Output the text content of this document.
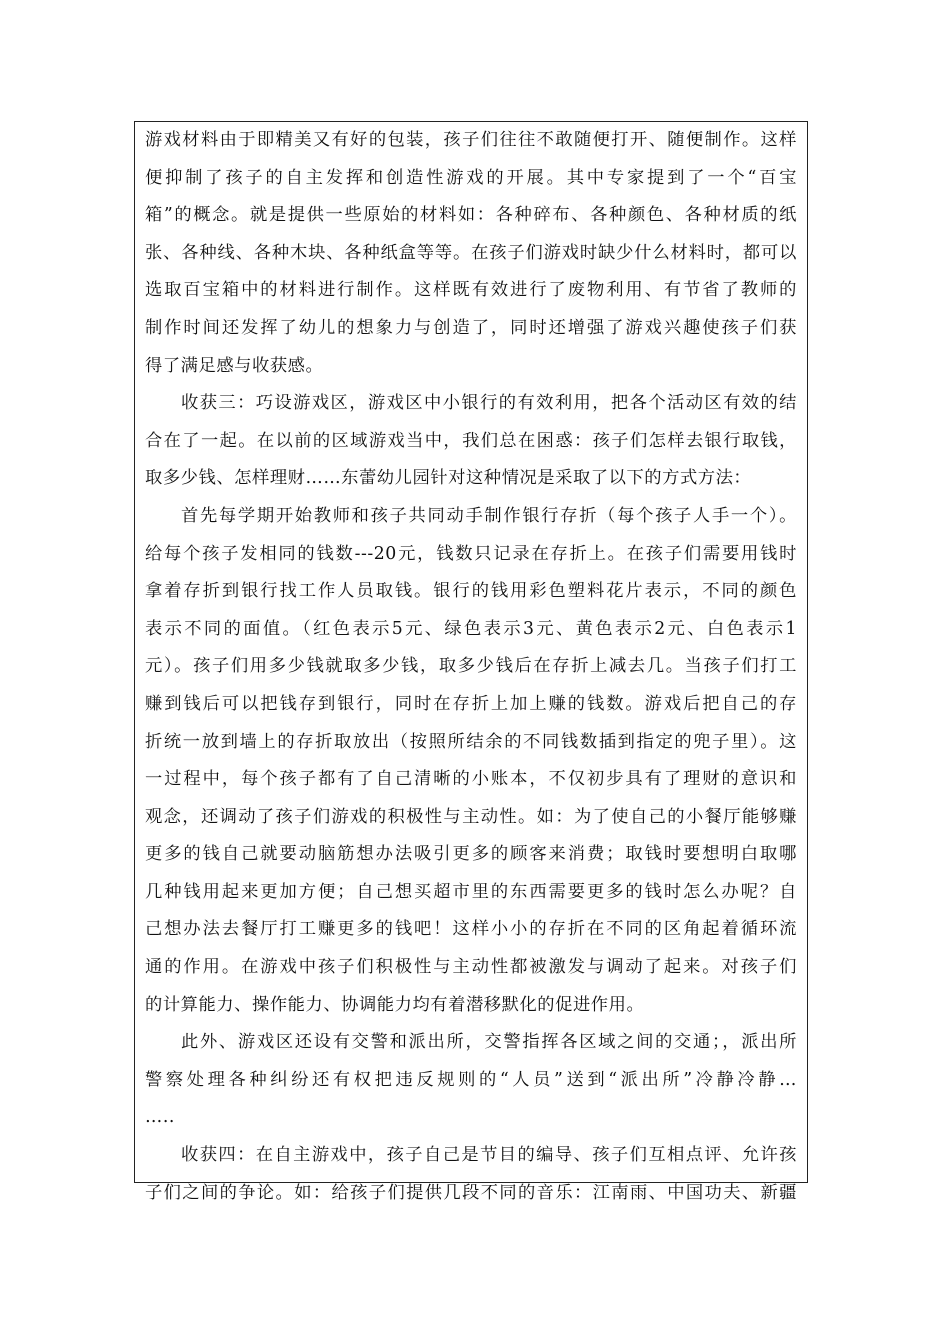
游戏材料由于即精美又有好的包装，孩子们往往不敢随便打开、随便制作。这样
便抑制了孩子的自主发挥和创造性游戏的开展。其中专家提到了一个“百宝
箱”的概念。就是提供一些原始的材料如：各种碎布、各种颜色、各种材质的纸
张、各种线、各种木块、各种纸盒等等。在孩子们游戏时缺少什么材料时，都可以
选取百宝箱中的材料进行制作。这样既有效进行了废物利用、有节省了教师的
制作时间还发挥了幼儿的想象力与创造了，同时还增强了游戏兴趣使孩子们获
得了满足感与收获感。
收获三：巧设游戏区，游戏区中小银行的有效利用，把各个活动区有效的结
合在了一起。在以前的区域游戏当中，我们总在困惑：孩子们怎样去银行取钱，
取多少钱、怎样理财……东蕾幼儿园针对这种情况是采取了以下的方式方法：
首先每学期开始教师和孩子共同动手制作银行存折（每个孩子人手一个）。
给每个孩子发相同的钱数---20元，钱数只记录在存折上。在孩子们需要用钱时
拿着存折到银行找工作人员取钱。银行的钱用彩色塑料花片表示，不同的颜色
表示不同的面值。（红色表示5元、绿色表示3元、黄色表示2元、白色表示1
元）。孩子们用多少钱就取多少钱，取多少钱后在存折上减去几。当孩子们打工
赚到钱后可以把钱存到银行，同时在存折上加上赚的钱数。游戏后把自己的存
折统一放到墙上的存折取放出（按照所结余的不同钱数插到指定的兜子里）。这
一过程中，每个孩子都有了自己清晰的小账本，不仅初步具有了理财的意识和
观念，还调动了孩子们游戏的积极性与主动性。如：为了使自己的小餐厅能够赚
更多的钱自己就要动脑筋想办法吸引更多的顾客来消费；取钱时要想明白取哪
几种钱用起来更加方便；自己想买超市里的东西需要更多的钱时怎么办呢？自
己想办法去餐厅打工赚更多的钱吧！这样小小的存折在不同的区角起着循环流
通的作用。在游戏中孩子们积极性与主动性都被激发与调动了起来。对孩子们
的计算能力、操作能力、协调能力均有着潜移默化的促进作用。
此外、游戏区还设有交警和派出所，交警指挥各区域之间的交通；，派出所
警察处理各种纠纷还有权把违反规则的“人员”送到“派出所”冷静冷静…
…..
收获四：在自主游戏中，孩子自己是节目的编导、孩子们互相点评、允许孩
子们之间的争论。如：给孩子们提供几段不同的音乐：江南雨、中国功夫、新疆
